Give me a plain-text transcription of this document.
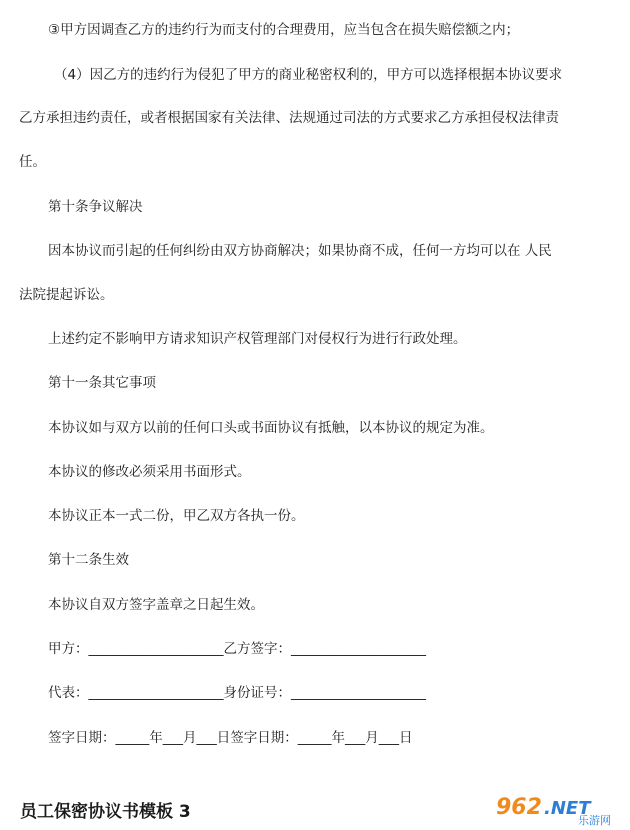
③甲方因调查乙方的违约行为而支付的合理费用，应当包含在损失赔偿额之内；
（4）因乙方的违约行为侵犯了甲方的商业秘密权利的，甲方可以选择根据本协议要求
乙方承担违约责任，或者根据国家有关法律、法规通过司法的方式要求乙方承担侵权法律责
任。
第十条争议解决
因本协议而引起的任何纠纷由双方协商解决；如果协商不成，任何一方均可以在 人民
法院提起诉讼。
上述约定不影响甲方请求知识产权管理部门对侵权行为进行行政处理。
第十一条其它事项
本协议如与双方以前的任何口头或书面协议有抵触，以本协议的规定为准。
本协议的修改必须采用书面形式。
本协议正本一式二份，甲乙双方各执一份。
第十二条生效
本协议自双方签字盖章之日起生效。
甲方：____________________乙方签字：____________________
代表：____________________身份证号：____________________
签字日期：_____年___月___日签字日期：_____年___月___日
员工保密协议书模板 3	962 .NET
乐游网
